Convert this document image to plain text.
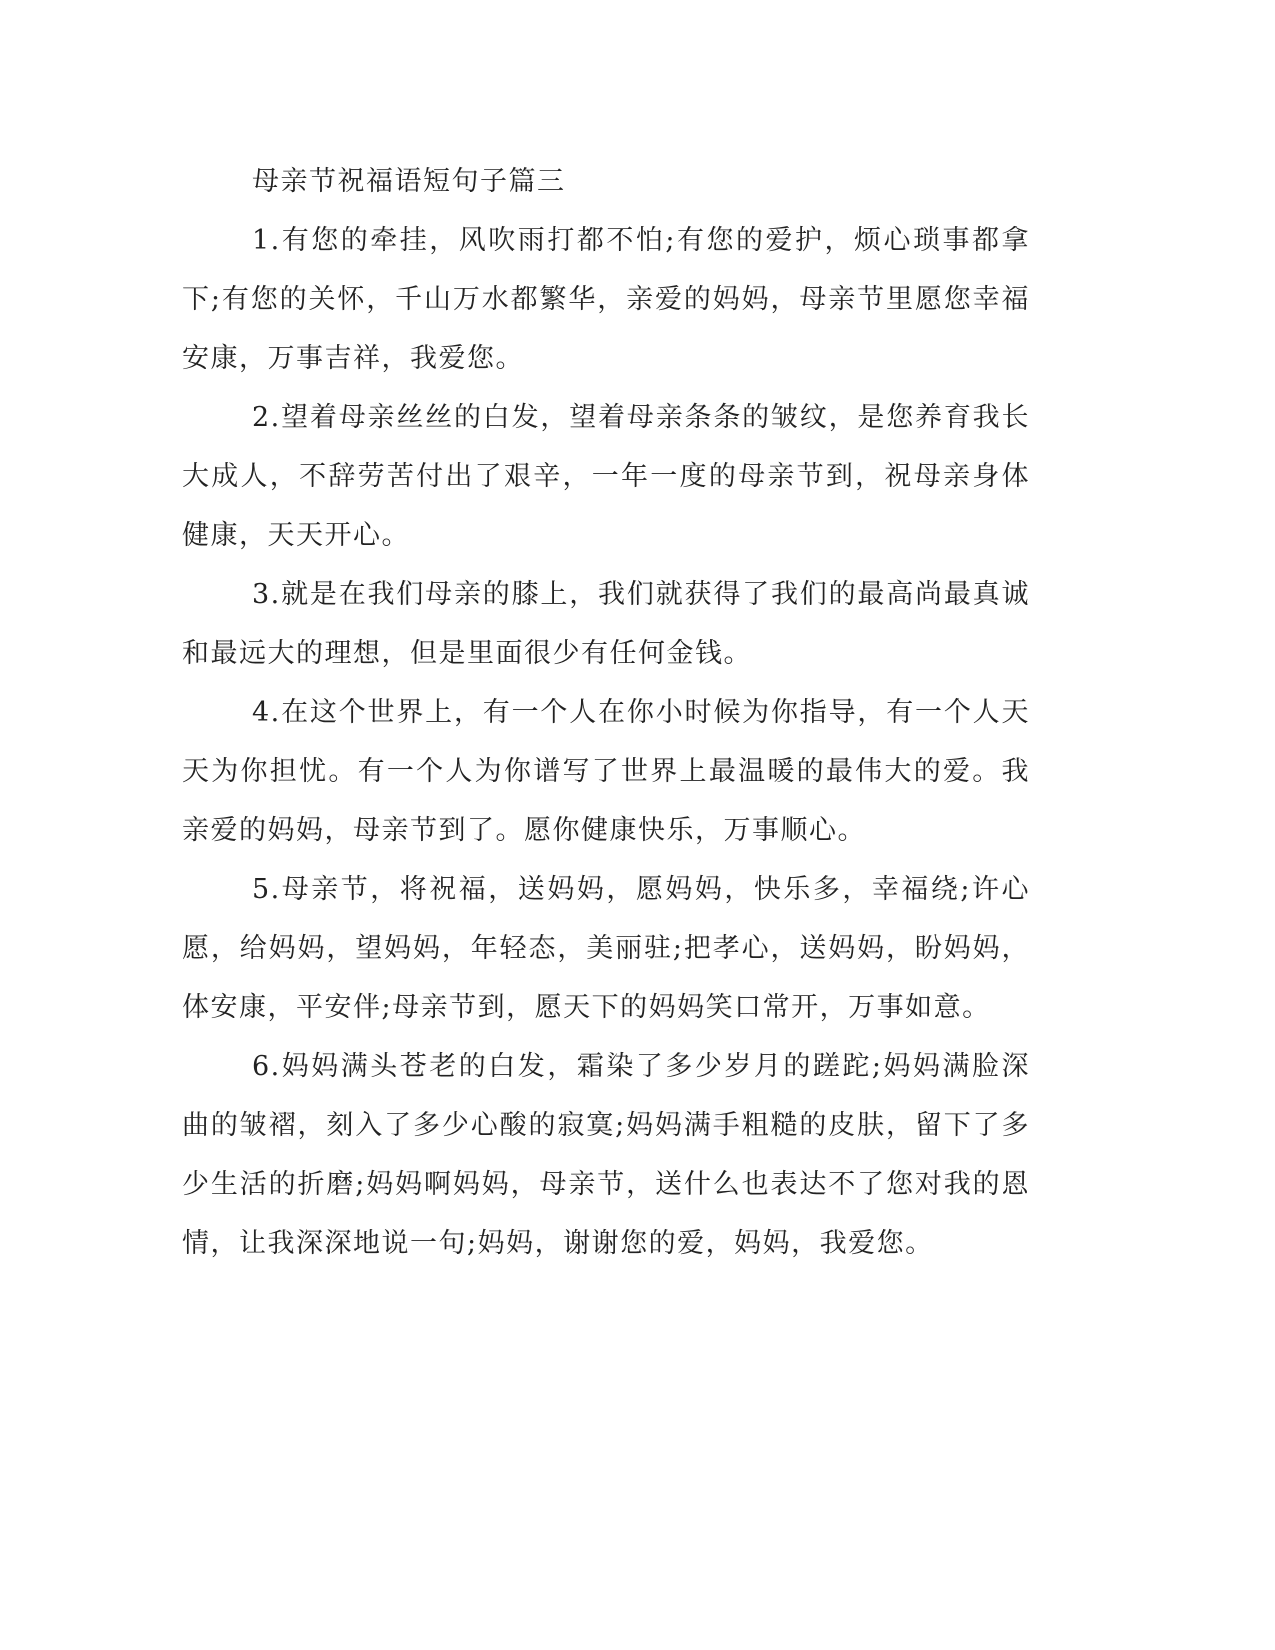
母亲节祝福语短句子篇三

1.有您的牵挂，风吹雨打都不怕;有您的爱护，烦心琐事都拿下;有您的关怀，千山万水都繁华，亲爱的妈妈，母亲节里愿您幸福安康，万事吉祥，我爱您。

2.望着母亲丝丝的白发，望着母亲条条的皱纹，是您养育我长大成人，不辞劳苦付出了艰辛，一年一度的母亲节到，祝母亲身体健康，天天开心。

3.就是在我们母亲的膝上，我们就获得了我们的最高尚最真诚和最远大的理想，但是里面很少有任何金钱。

4.在这个世界上，有一个人在你小时候为你指导，有一个人天天为你担忧。有一个人为你谱写了世界上最温暖的最伟大的爱。我亲爱的妈妈，母亲节到了。愿你健康快乐，万事顺心。

5.母亲节，将祝福，送妈妈，愿妈妈，快乐多，幸福绕;许心愿，给妈妈，望妈妈，年轻态，美丽驻;把孝心，送妈妈，盼妈妈，体安康，平安伴;母亲节到，愿天下的妈妈笑口常开，万事如意。

6.妈妈满头苍老的白发，霜染了多少岁月的蹉跎;妈妈满脸深曲的皱褶，刻入了多少心酸的寂寞;妈妈满手粗糙的皮肤，留下了多少生活的折磨;妈妈啊妈妈，母亲节，送什么也表达不了您对我的恩情，让我深深地说一句;妈妈，谢谢您的爱，妈妈，我爱您。
